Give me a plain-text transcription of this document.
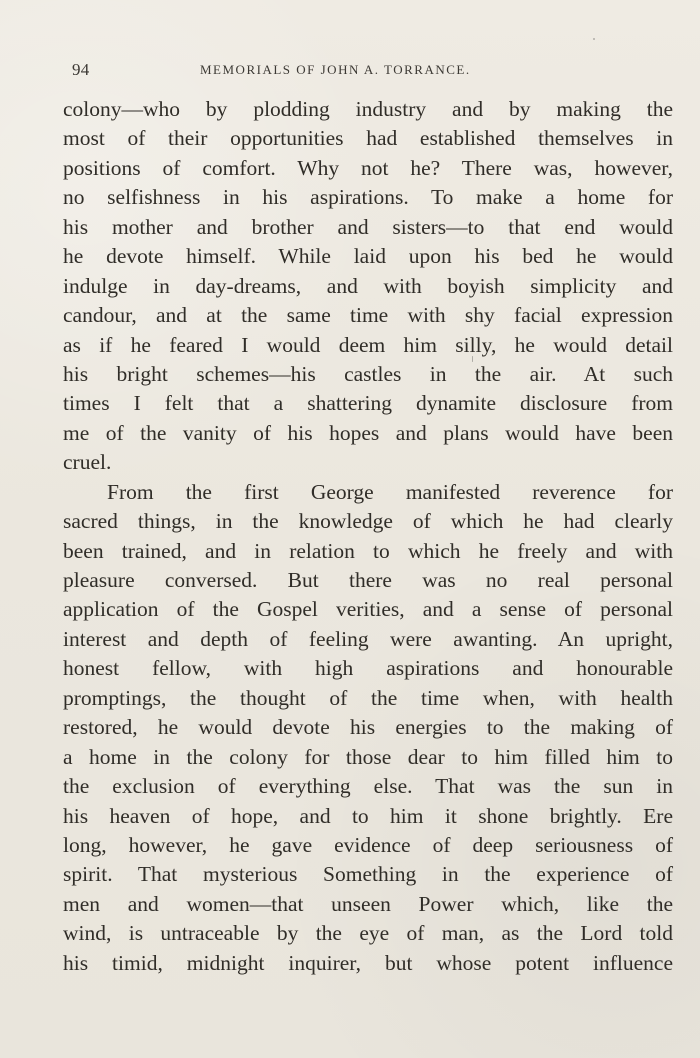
94	MEMORIALS OF JOHN A. TORRANCE.
colony—who by plodding industry and by making the
most of their opportunities had established themselves in
positions of comfort. Why not he? There was, however,
no selfishness in his aspirations. To make a home for
his mother and brother and sisters—to that end would
he devote himself. While laid upon his bed he would
indulge in day-dreams, and with boyish simplicity and
candour, and at the same time with shy facial expression
as if he feared I would deem him silly, he would detail
his bright schemes—his castles in the air. At such
times I felt that a shattering dynamite disclosure from
me of the vanity of his hopes and plans would have been
cruel.
From the first George manifested reverence for
sacred things, in the knowledge of which he had clearly
been trained, and in relation to which he freely and with
pleasure conversed. But there was no real personal
application of the Gospel verities, and a sense of personal
interest and depth of feeling were awanting. An upright,
honest fellow, with high aspirations and honourable
promptings, the thought of the time when, with health
restored, he would devote his energies to the making of
a home in the colony for those dear to him filled him to
the exclusion of everything else. That was the sun in
his heaven of hope, and to him it shone brightly. Ere
long, however, he gave evidence of deep seriousness of
spirit. That mysterious Something in the experience of
men and women—that unseen Power which, like the
wind, is untraceable by the eye of man, as the Lord told
his timid, midnight inquirer, but whose potent influence
